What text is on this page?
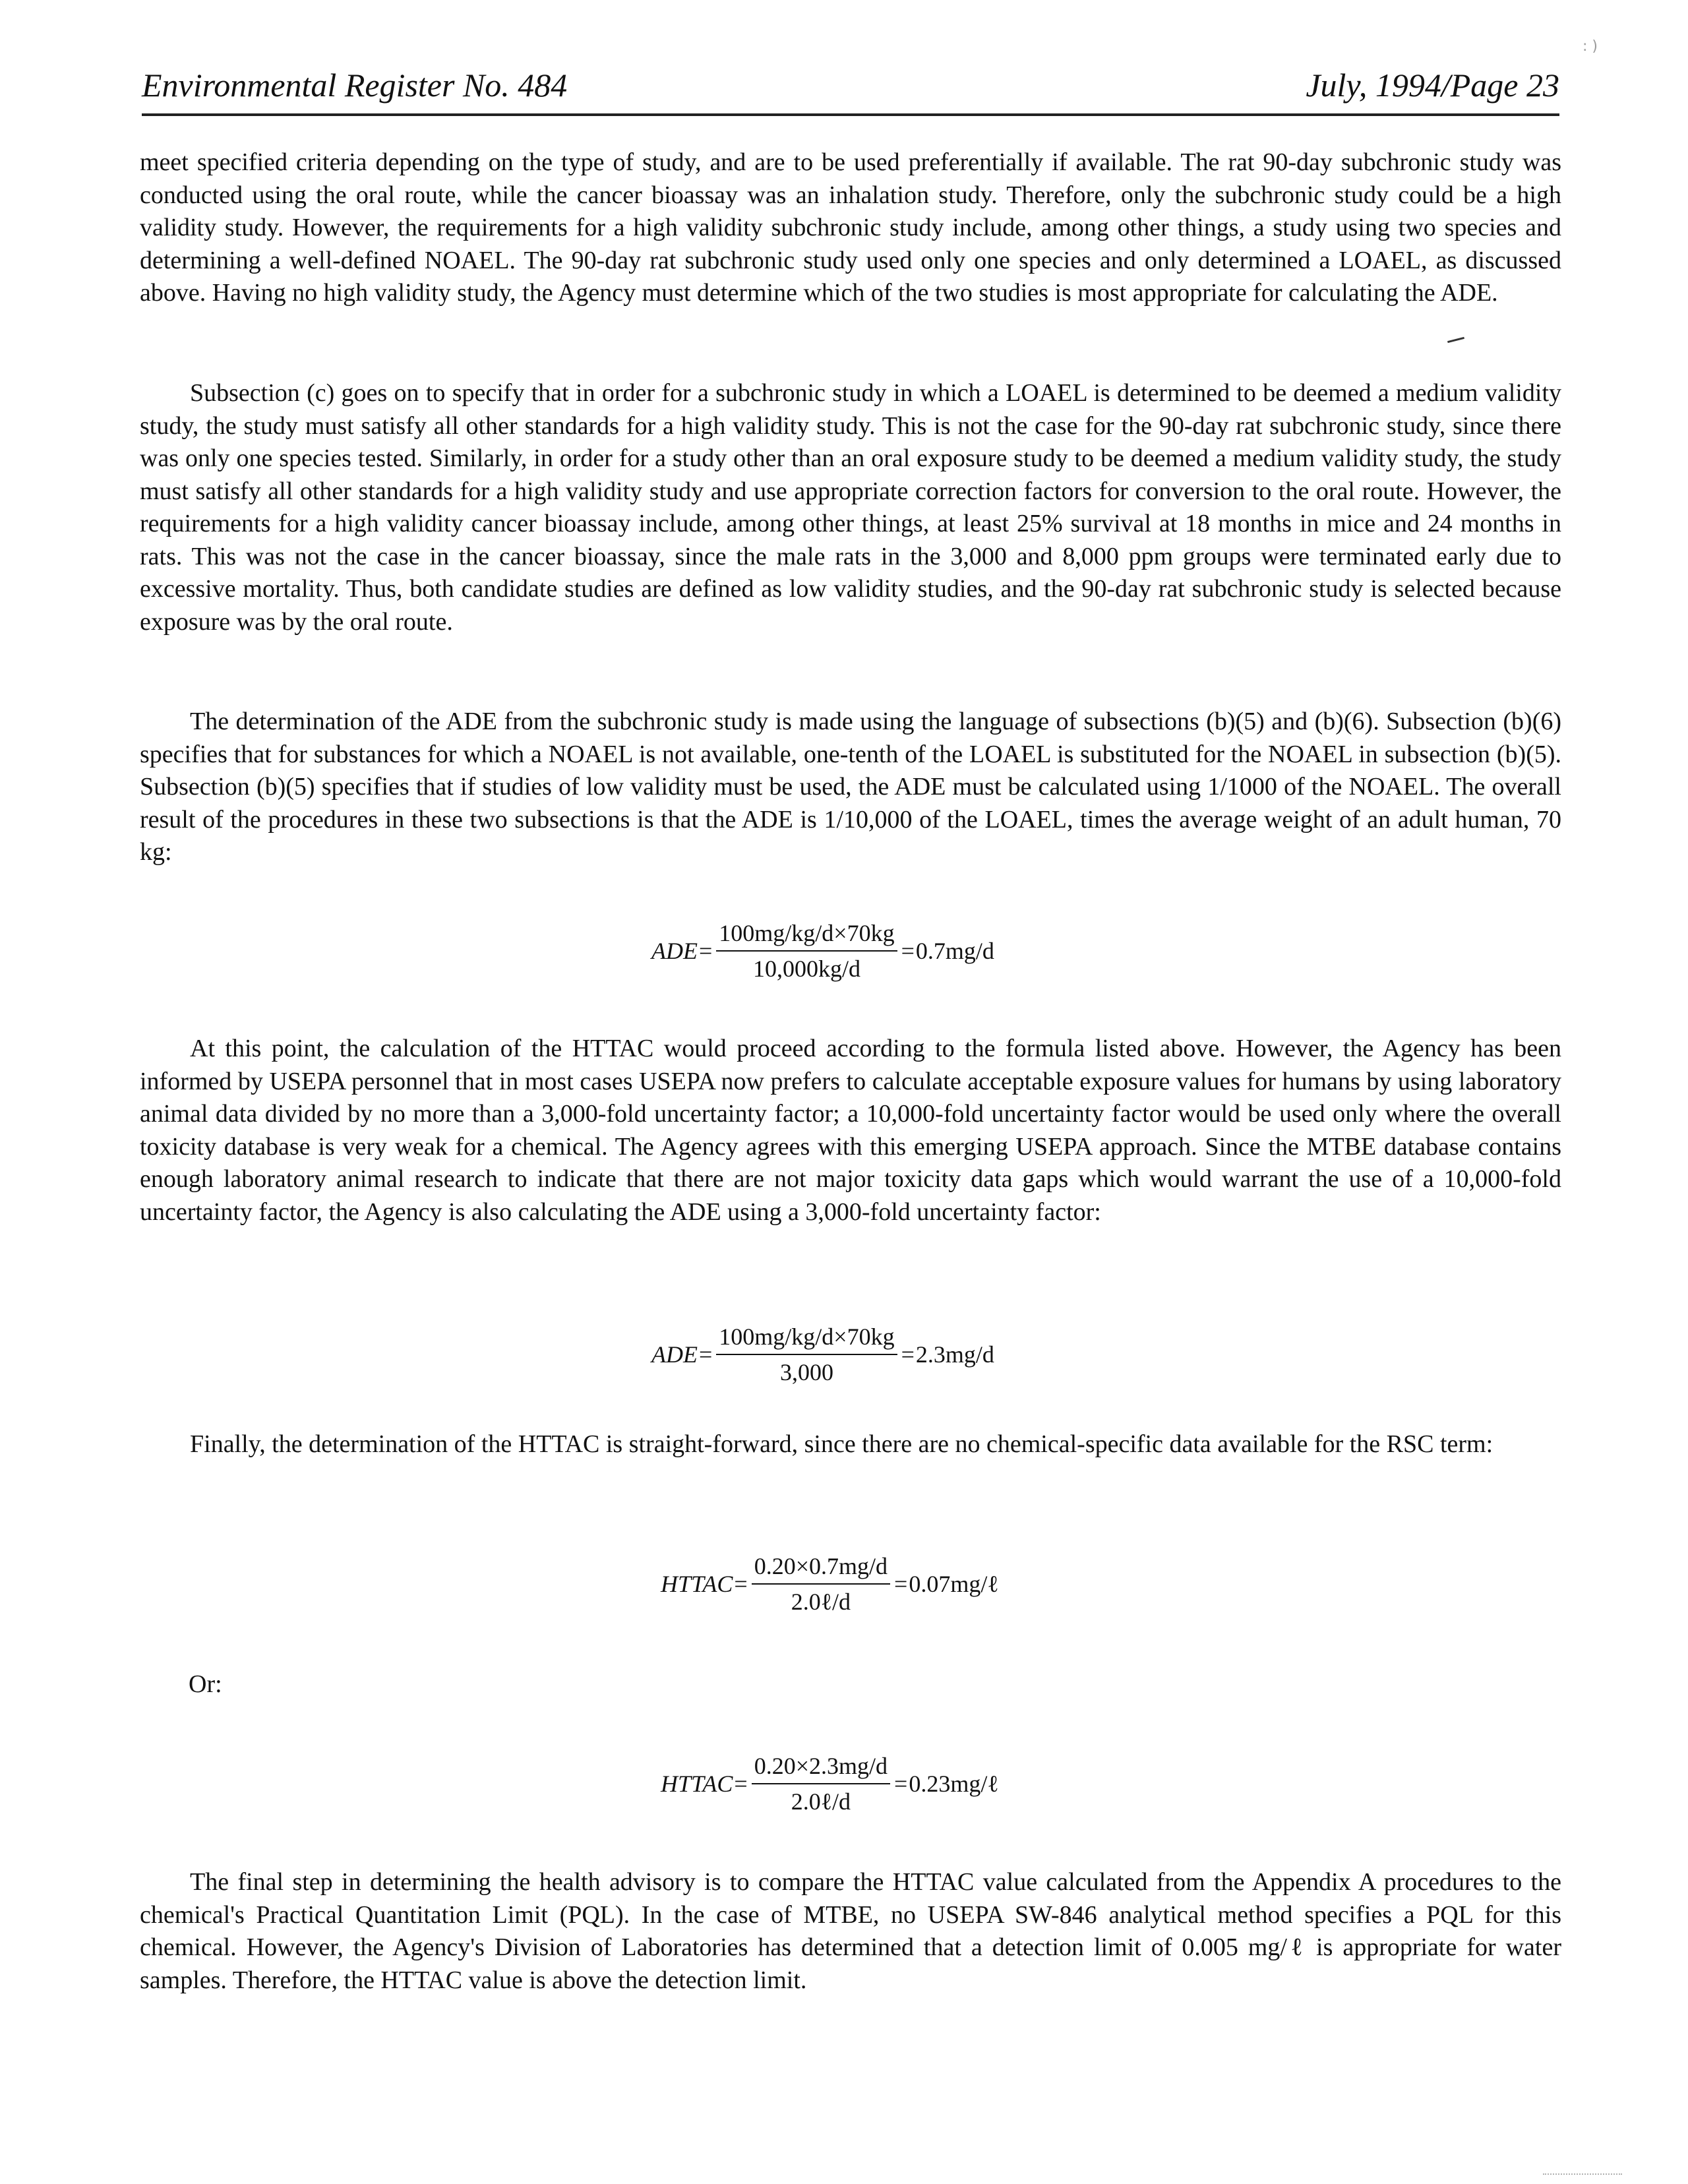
Environmental Register No. 484	July, 1994/Page 23

meet specified criteria depending on the type of study, and are to be used preferentially if available. The rat 90-day subchronic study was conducted using the oral route, while the cancer bioassay was an inhalation study. Therefore, only the subchronic study could be a high validity study. However, the requirements for a high validity subchronic study include, among other things, a study using two species and determining a well-defined NOAEL. The 90-day rat subchronic study used only one species and only determined a LOAEL, as discussed above. Having no high validity study, the Agency must determine which of the two studies is most appropriate for calculating the ADE.

Subsection (c) goes on to specify that in order for a subchronic study in which a LOAEL is determined to be deemed a medium validity study, the study must satisfy all other standards for a high validity study. This is not the case for the 90-day rat subchronic study, since there was only one species tested. Similarly, in order for a study other than an oral exposure study to be deemed a medium validity study, the study must satisfy all other standards for a high validity study and use appropriate correction factors for conversion to the oral route. However, the requirements for a high validity cancer bioassay include, among other things, at least 25% survival at 18 months in mice and 24 months in rats. This was not the case in the cancer bioassay, since the male rats in the 3,000 and 8,000 ppm groups were terminated early due to excessive mortality. Thus, both candidate studies are defined as low validity studies, and the 90-day rat subchronic study is selected because exposure was by the oral route.

The determination of the ADE from the subchronic study is made using the language of subsections (b)(5) and (b)(6). Subsection (b)(6) specifies that for substances for which a NOAEL is not available, one-tenth of the LOAEL is substituted for the NOAEL in subsection (b)(5). Subsection (b)(5) specifies that if studies of low validity must be used, the ADE must be calculated using 1/1000 of the NOAEL. The overall result of the procedures in these two subsections is that the ADE is 1/10,000 of the LOAEL, times the average weight of an adult human, 70 kg:

ADE = $\frac{100mg/kg/d\times 70kg}{10,000kg/d} = 0.7mg/d$

At this point, the calculation of the HTTAC would proceed according to the formula listed above. However, the Agency has been informed by USEPA personnel that in most cases USEPA now prefers to calculate acceptable exposure values for humans by using laboratory animal data divided by no more than a 3,000-fold uncertainty factor; a 10,000-fold uncertainty factor would be used only where the overall toxicity database is very weak for a chemical. The Agency agrees with this emerging USEPA approach. Since the MTBE database contains enough laboratory animal research to indicate that there are not major toxicity data gaps which would warrant the use of a 10,000-fold uncertainty factor, the Agency is also calculating the ADE using a 3,000-fold uncertainty factor:

ADE = $\frac{100mg/kg/d\times 70kg}{3,000} = 2.3mg/d$

Finally, the determination of the HTTAC is straight-forward, since there are no chemical-specific data available for the RSC term:

HTTAC = $\frac{0.20\times 0.7mg/d}{\text{2.0ℓ/d}}$ = 0.07mg/ℓ
Or:
HTTAC = $\frac{0.20\times 2.3mg/d}{\text{2.0ℓ/d}}$ = 0.23mg/ℓ

The final step in determining the health advisory is to compare the HTTAC value calculated from the Appendix A procedures to the chemical's Practical Quantitation Limit (PQL). In the case of MTBE, no USEPA SW-846 analytical method specifies a PQL for this chemical. However, the Agency's Division of Laboratories has determined that a detection limit of 0.005 mg/ℓ is appropriate for water samples. Therefore, the HTTAC value is above the detection limit.

: )
